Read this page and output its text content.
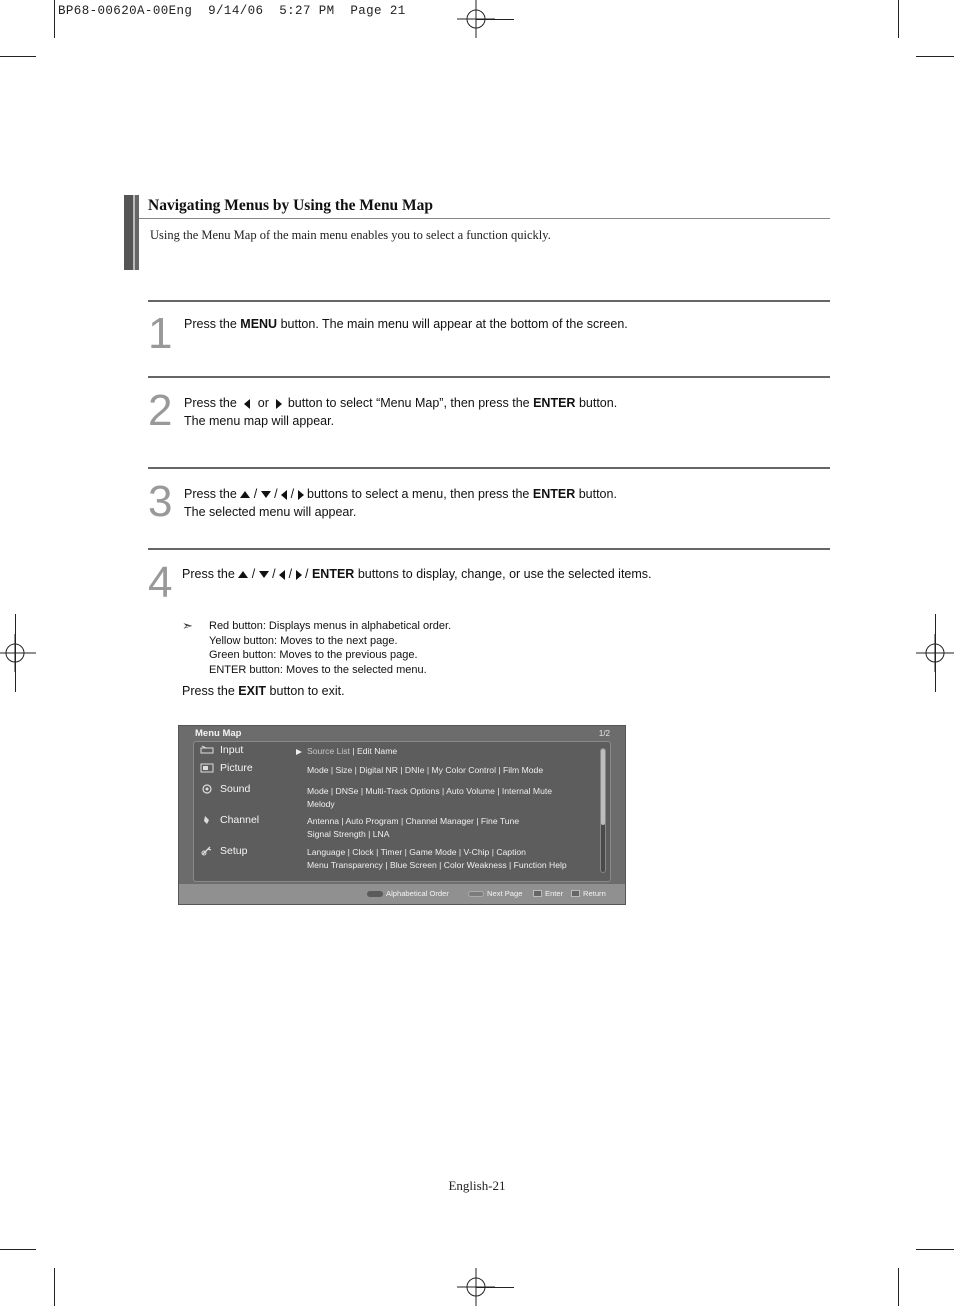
BP68-00620A-00Eng  9/14/06  5:27 PM  Page 21
Navigating Menus by Using the Menu Map
Using the Menu Map of the main menu enables you to select a function quickly.
1 Press the MENU button. The main menu will appear at the bottom of the screen.
2 Press the  or  button to select “Menu Map”, then press the ENTER button.
The menu map will appear.
3 Press the  /  /  /  buttons to select a menu, then press the ENTER button.
The selected menu will appear.
4 Press the  /  /  /  / ENTER buttons to display, change, or use the selected items.
➣ Red button: Displays menus in alphabetical order.
Yellow button: Moves to the next page.
Green button: Moves to the previous page.
ENTER button: Moves to the selected menu.
Press the EXIT button to exit.
Menu Map	1/2
Input	Source List | Edit Name
Picture	Mode | Size | Digital NR | DNIe | My Color Control | Film Mode
Sound	Mode | DNSe | Multi-Track Options | Auto Volume | Internal Mute
Melody
Channel	Antenna | Auto Program | Channel Manager | Fine Tune
Signal Strength | LNA
Setup	Language | Clock | Timer | Game Mode | V-Chip | Caption
Menu Transparency | Blue Screen | Color Weakness | Function Help
Alphabetical Order	Next Page	Enter	Return
English-21
